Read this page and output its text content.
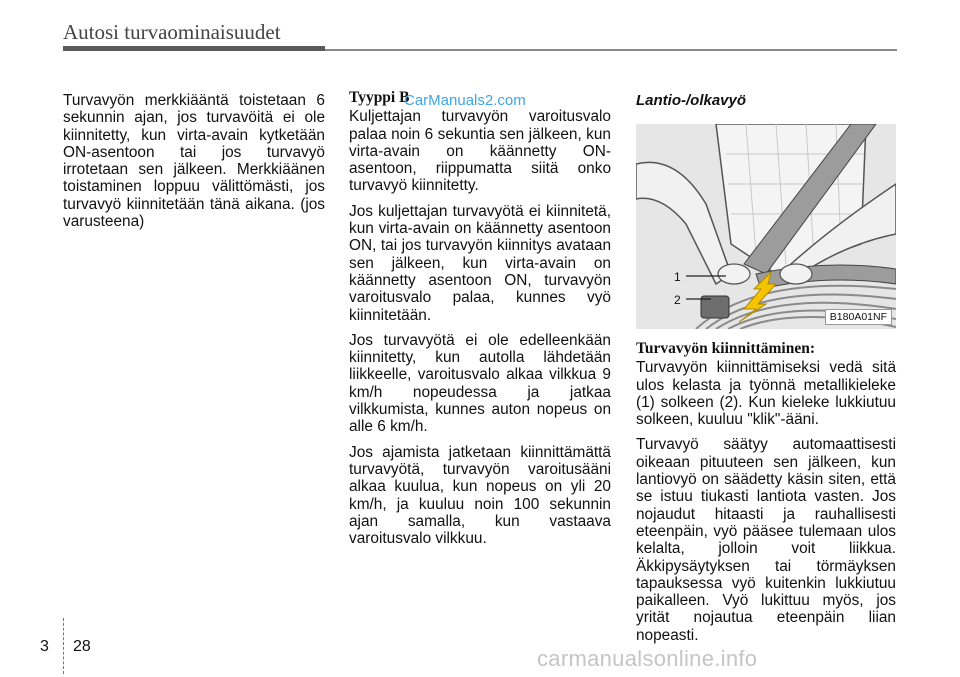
Autosi turvaominaisuudet

Turvavyön merkkiääntä toistetaan 6 sekunnin ajan, jos turvavöitä ei ole kiinnitetty, kun virta-avain kytketään ON-asentoon tai jos turvavyö irrotetaan sen jälkeen. Merkkiäänen toistaminen loppuu välittömästi, jos turvavyö kiinnitetään tänä aikana. (jos varusteena)

Tyyppi B

Kuljettajan turvavyön varoitusvalo palaa noin 6 sekuntia sen jälkeen, kun virta-avain on käännetty ON-asentoon, riippumatta siitä onko turvavyö kiinnitetty.

Jos kuljettajan turvavyötä ei kiinnitetä, kun virta-avain on käännetty asentoon ON, tai jos turvavyön kiinnitys avataan sen jälkeen, kun virta-avain on käännetty asentoon ON, turvavyön varoitusvalo palaa, kunnes vyö kiinnitetään.

Jos turvavyötä ei ole edelleenkään kiinnitetty, kun autolla lähdetään liikkeelle, varoitusvalo alkaa vilkkua 9 km/h nopeudessa ja jatkaa vilkkumista, kunnes auton nopeus on alle 6 km/h.

Jos ajamista jatketaan kiinnittämättä turvavyötä, turvavyön varoitusääni alkaa kuulua, kun nopeus on yli 20 km/h, ja kuuluu noin 100 sekunnin ajan samalla, kun vastaava varoitusvalo vilkkuu.

CarManuals2.com	Lantio-/olkavyö
1
2
B180A01NF
Turvavyön kiinnittäminen:

Turvavyön kiinnittämiseksi vedä sitä ulos kelasta ja työnnä metallikieleke (1) solkeen (2). Kun kieleke lukkiutuu solkeen, kuuluu "klik"-ääni.

Turvavyö säätyy automaattisesti oikeaan pituuteen sen jälkeen, kun lantiovyö on säädetty käsin siten, että se istuu tiukasti lantiota vasten. Jos nojaudut hitaasti ja rauhallisesti eteenpäin, vyö pääsee tulemaan ulos kelalta, jolloin voit liikkua. Äkkipysäytyksen tai törmäyksen tapauksessa vyö kuitenkin lukkiutuu paikalleen. Vyö lukittuu myös, jos yrität nojautua eteenpäin liian nopeasti.

3 28	carmanualsonline.info
